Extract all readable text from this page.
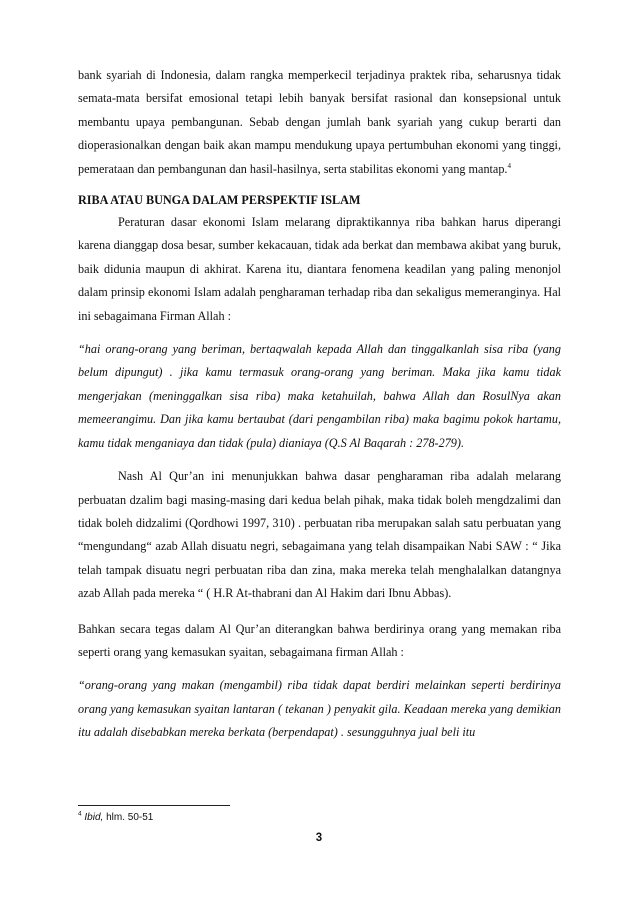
bank syariah di Indonesia, dalam rangka memperkecil terjadinya praktek riba, seharusnya tidak semata-mata bersifat emosional tetapi lebih banyak bersifat rasional dan konsepsional untuk membantu upaya pembangunan. Sebab dengan jumlah bank syariah yang cukup berarti dan dioperasionalkan dengan baik akan mampu mendukung upaya pertumbuhan ekonomi yang tinggi, pemerataan dan pembangunan dan hasil-hasilnya, serta stabilitas ekonomi yang mantap.$^4$

RIBA ATAU BUNGA DALAM PERSPEKTIF ISLAM

Peraturan dasar ekonomi Islam melarang dipraktikannya riba bahkan harus diperangi karena dianggap dosa besar, sumber kekacauan, tidak ada berkat dan membawa akibat yang buruk, baik didunia maupun di akhirat. Karena itu, diantara fenomena keadilan yang paling menonjol dalam prinsip ekonomi Islam adalah pengharaman terhadap riba dan sekaligus memeranginya. Hal ini sebagaimana Firman Allah :

“hai orang-orang yang beriman, bertaqwalah kepada Allah dan tinggalkanlah sisa riba (yang belum dipungut) . jika kamu termasuk orang-orang yang beriman. Maka jika kamu tidak mengerjakan (meninggalkan sisa riba) maka ketahuilah, bahwa Allah dan RosulNya akan memeerangimu. Dan jika kamu bertaubat (dari pengambilan riba) maka bagimu pokok hartamu, kamu tidak menganiaya dan tidak (pula) dianiaya (Q.S Al Baqarah : 278-279).

Nash Al Qur’an ini menunjukkan bahwa dasar pengharaman riba adalah melarang perbuatan dzalim bagi masing-masing dari kedua belah pihak, maka tidak boleh mengdzalimi dan tidak boleh didzalimi (Qordhowi 1997, 310) . perbuatan riba merupakan salah satu perbuatan yang “mengundang“ azab Allah disuatu negri, sebagaimana yang telah disampaikan Nabi SAW : “ Jika telah tampak disuatu negri perbuatan riba dan zina, maka mereka telah menghalalkan datangnya azab Allah pada mereka “ ( H.R At-thabrani dan Al Hakim dari Ibnu Abbas).

Bahkan secara tegas dalam Al Qur’an diterangkan bahwa berdirinya orang yang memakan riba seperti orang yang kemasukan syaitan, sebagaimana firman Allah :

“orang-orang yang makan (mengambil) riba tidak dapat berdiri melainkan seperti berdirinya orang yang kemasukan syaitan lantaran ( tekanan ) penyakit gila. Keadaan mereka yang demikian itu adalah disebabkan mereka berkata (berpendapat) . sesungguhnya jual beli itu

$^4$ Ibid, hlm. 50-51
3
